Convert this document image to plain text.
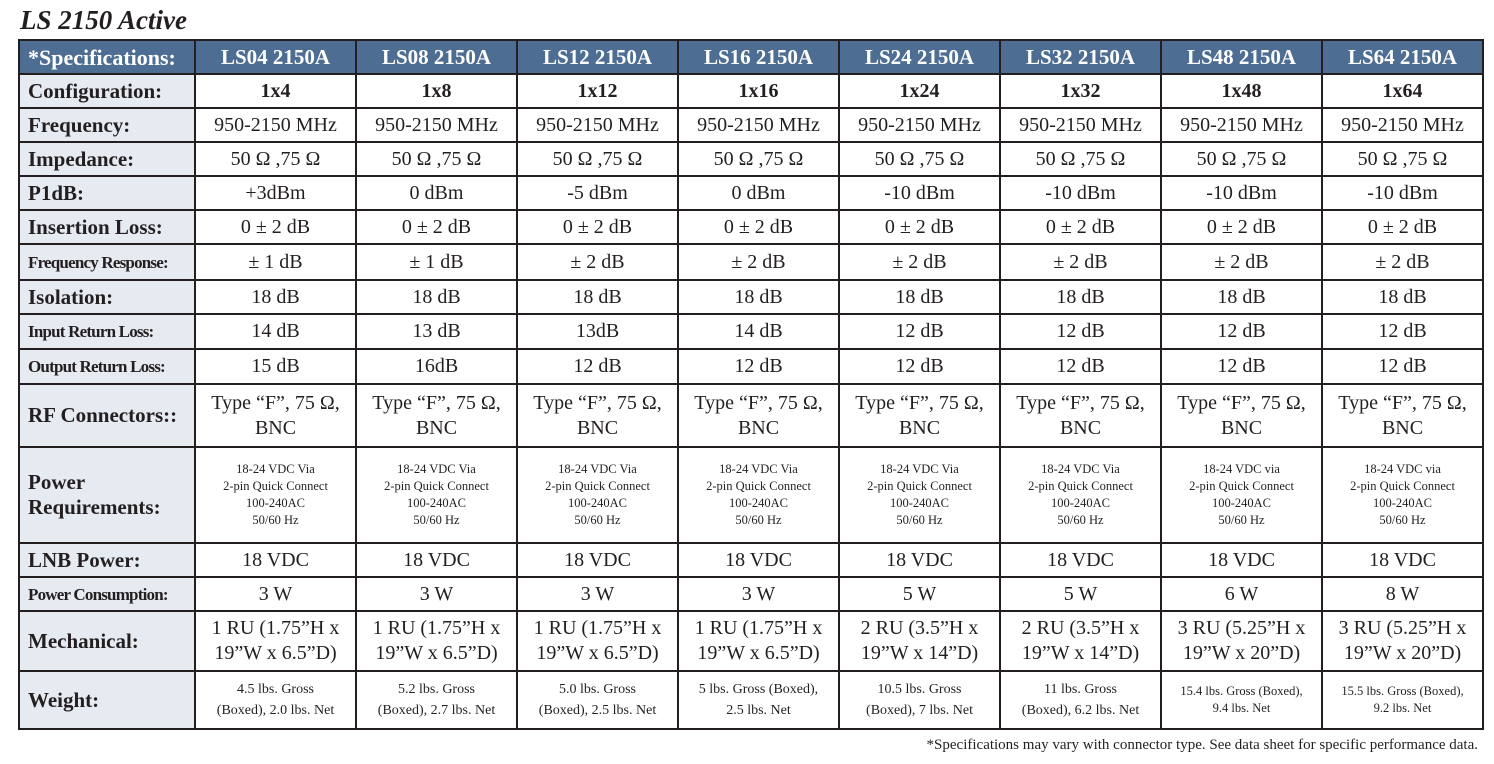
LS 2150 Active
*Specifications:	LS04 2150A	LS08 2150A	LS12 2150A	LS16 2150A	LS24 2150A	LS32 2150A	LS48 2150A	LS64 2150A
Configuration:	1x4	1x8	1x12	1x16	1x24	1x32	1x48	1x64
Frequency:	950-2150 MHz	950-2150 MHz	950-2150 MHz	950-2150 MHz	950-2150 MHz	950-2150 MHz	950-2150 MHz	950-2150 MHz
Impedance:	50 Ω ,75 Ω	50 Ω ,75 Ω	50 Ω ,75 Ω	50 Ω ,75 Ω	50 Ω ,75 Ω	50 Ω ,75 Ω	50 Ω ,75 Ω	50 Ω ,75 Ω
P1dB:	+3dBm	0 dBm	-5 dBm	0 dBm	-10 dBm	-10 dBm	-10 dBm	-10 dBm
Insertion Loss:	0 ± 2 dB	0 ± 2 dB	0 ± 2 dB	0 ± 2 dB	0 ± 2 dB	0 ± 2 dB	0 ± 2 dB	0 ± 2 dB
Frequency Response:	± 1 dB	± 1 dB	± 2 dB	± 2 dB	± 2 dB	± 2 dB	± 2 dB	± 2 dB
Isolation:	18 dB	18 dB	18 dB	18 dB	18 dB	18 dB	18 dB	18 dB
Input Return Loss:	14 dB	13 dB	13dB	14 dB	12 dB	12 dB	12 dB	12 dB
Output Return Loss:	15 dB	16dB	12 dB	12 dB	12 dB	12 dB	12 dB	12 dB

RF Connectors::	Type “F”, 75 Ω,
BNC	Type “F”, 75 Ω,
BNC	Type “F”, 75 Ω,
BNC	Type “F”, 75 Ω,
BNC	Type “F”, 75 Ω,
BNC	Type “F”, 75 Ω,
BNC	Type “F”, 75 Ω,
BNC	Type “F”, 75 Ω,
BNC

Power
Requirements:	18-24 VDC Via
2-pin Quick Connect
100-240AC
50/60 Hz	18-24 VDC Via
2-pin Quick Connect
100-240AC
50/60 Hz	18-24 VDC Via
2-pin Quick Connect
100-240AC
50/60 Hz	18-24 VDC Via
2-pin Quick Connect
100-240AC
50/60 Hz	18-24 VDC Via
2-pin Quick Connect
100-240AC
50/60 Hz	18-24 VDC Via
2-pin Quick Connect
100-240AC
50/60 Hz	18-24 VDC via
2-pin Quick Connect
100-240AC
50/60 Hz	18-24 VDC via
2-pin Quick Connect
100-240AC
50/60 Hz

LNB Power:	18 VDC	18 VDC	18 VDC	18 VDC	18 VDC	18 VDC	18 VDC	18 VDC
Power Consumption:	3 W	3 W	3 W	3 W	5 W	5 W	6 W	8 W

Mechanical:	1 RU (1.75”H x
19”W x 6.5”D)	1 RU (1.75”H x
19”W x 6.5”D)	1 RU (1.75”H x
19”W x 6.5”D)	1 RU (1.75”H x
19”W x 6.5”D)	2 RU (3.5”H x
19”W x 14”D)	2 RU (3.5”H x
19”W x 14”D)	3 RU (5.25”H x
19”W x 20”D)	3 RU (5.25”H x
19”W x 20”D)

Weight:	4.5 lbs. Gross
(Boxed), 2.0 lbs. Net	5.2 lbs. Gross
(Boxed), 2.7 lbs. Net	5.0 lbs. Gross
(Boxed), 2.5 lbs. Net	5 lbs. Gross (Boxed),
2.5 lbs. Net	10.5 lbs. Gross
(Boxed), 7 lbs. Net	11 lbs. Gross
(Boxed), 6.2 lbs. Net	15.4 lbs. Gross (Boxed),
9.4 lbs. Net	15.5 lbs. Gross (Boxed),
9.2 lbs. Net
*Specifications may vary with connector type. See data sheet for specific performance data.
